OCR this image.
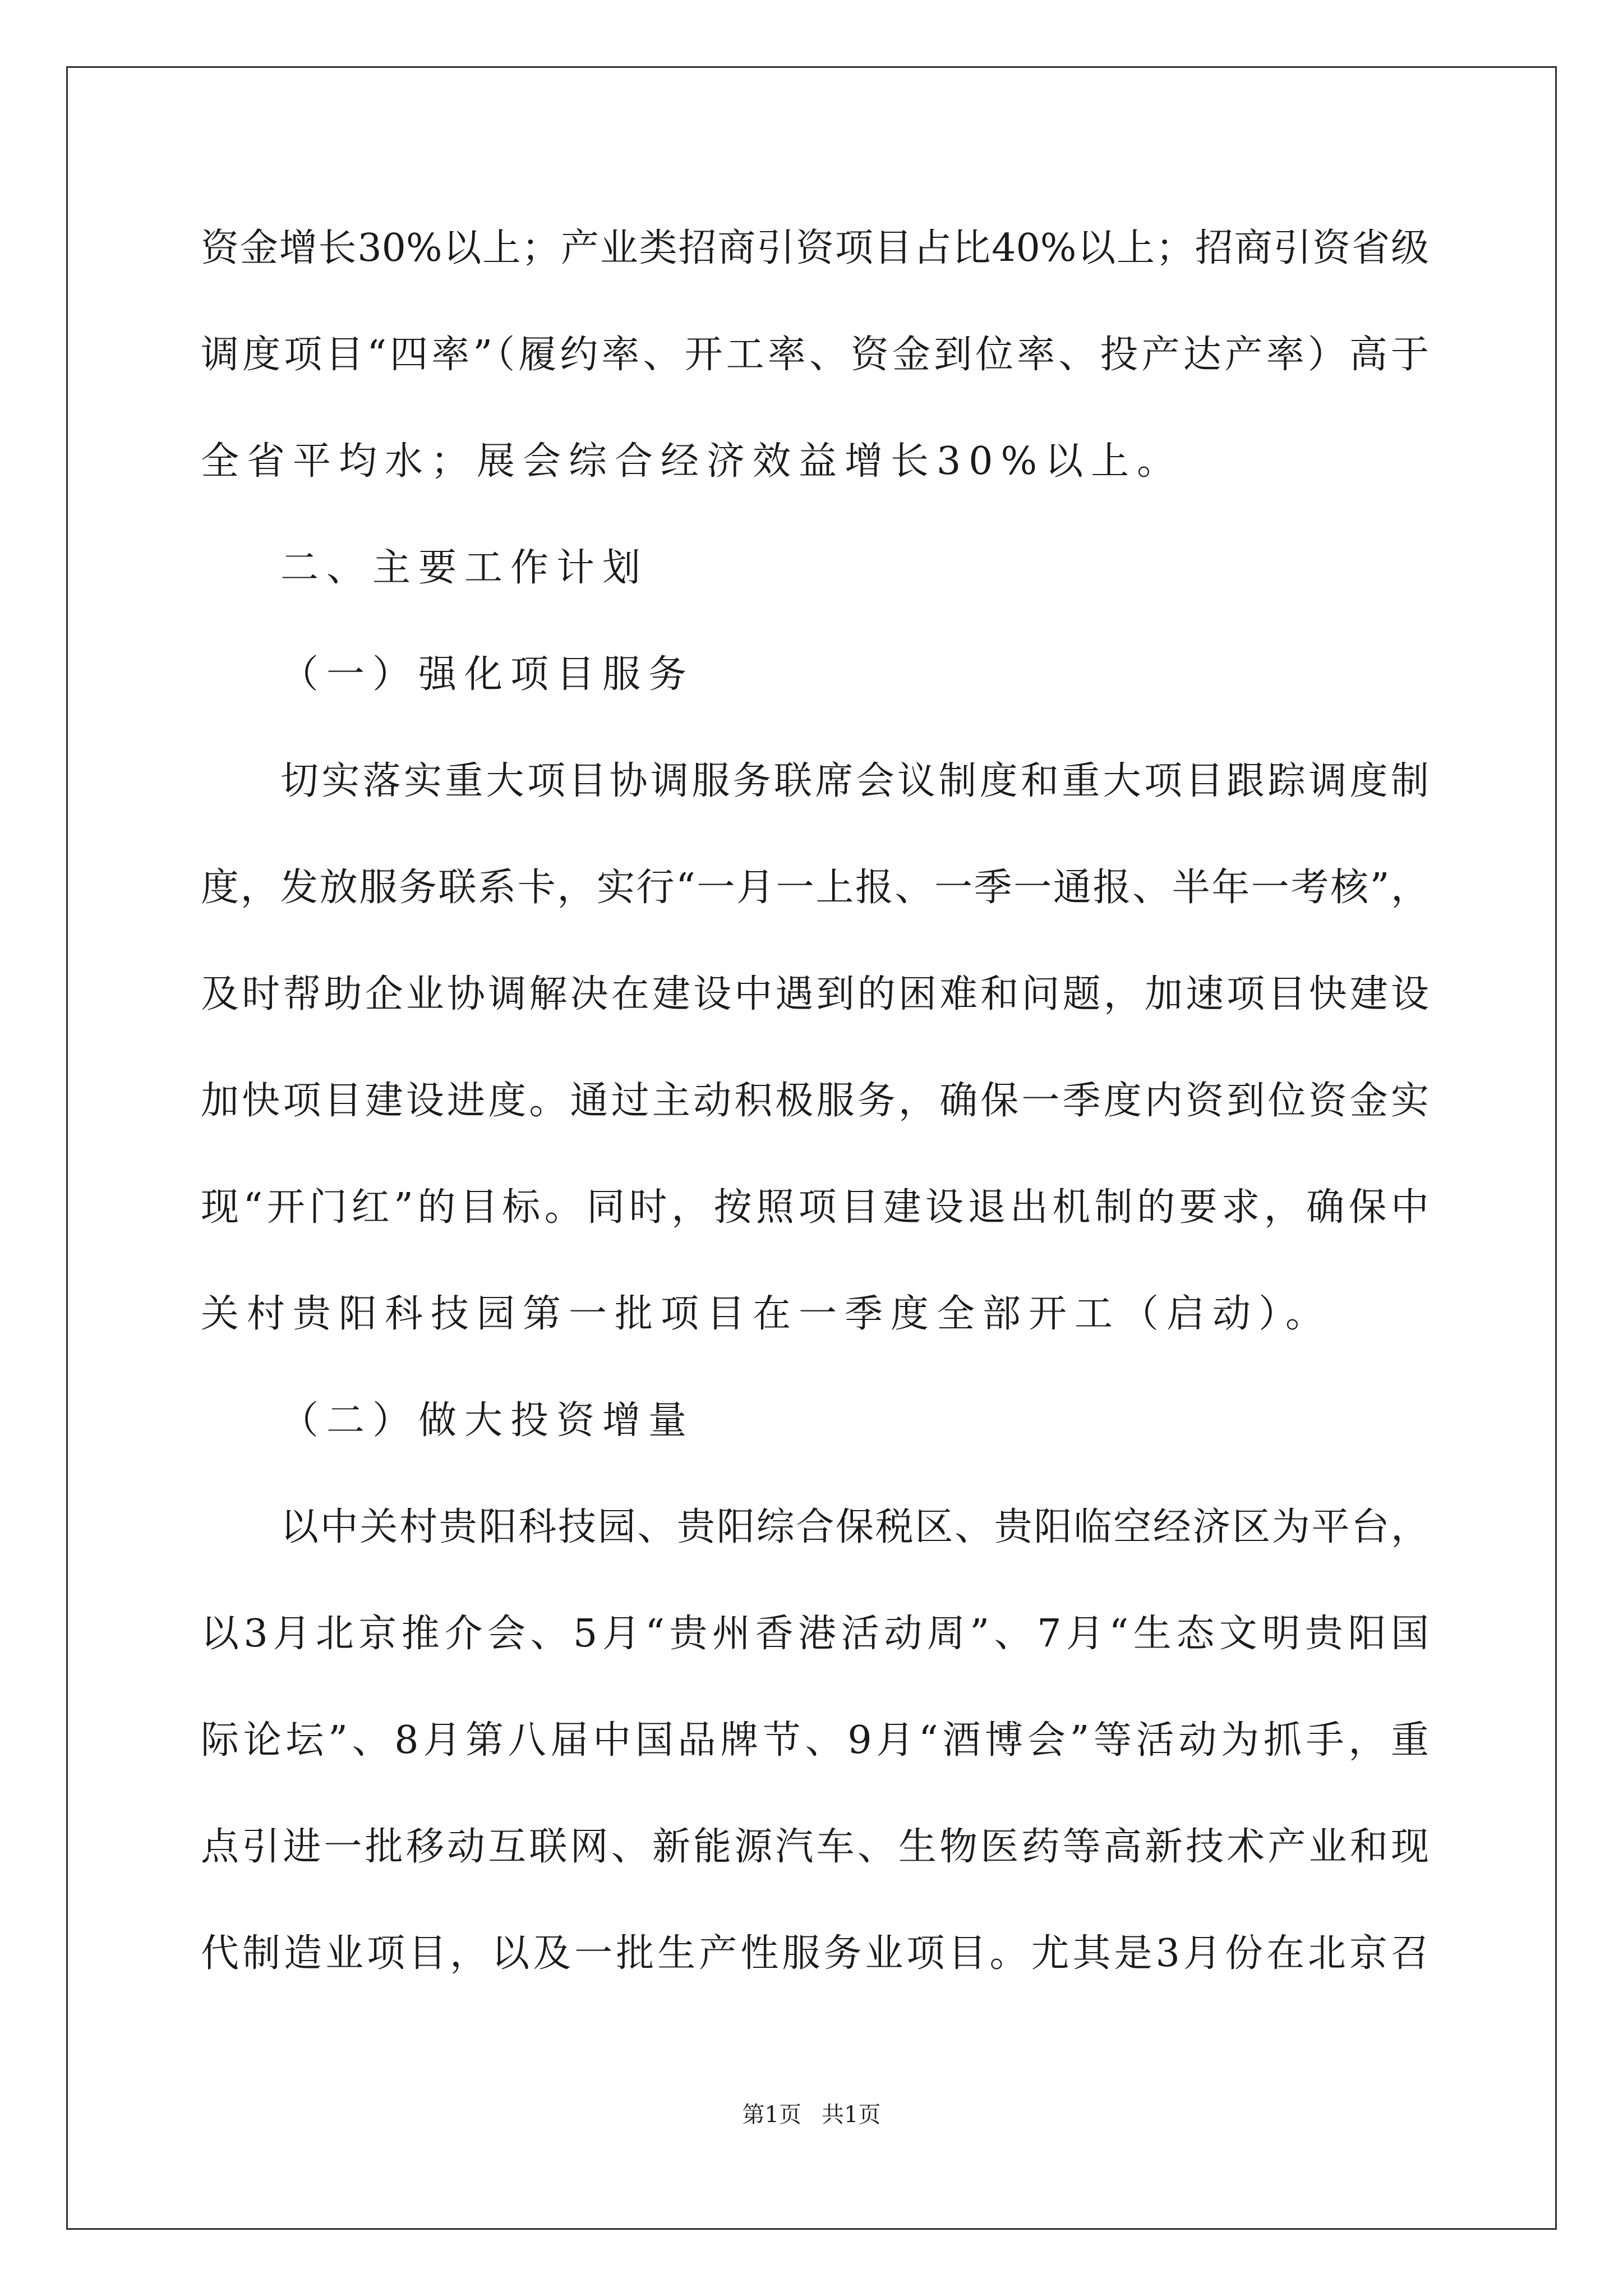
资金增长30%以上；产业类招商引资项目占比40%以上；招商引资省级
调度项目“四率”（履约率、开工率、资金到位率、投产达产率）高于
全省平均水；展会综合经济效益增长30%以上。
二、主要工作计划
（一）强化项目服务
切实落实重大项目协调服务联席会议制度和重大项目跟踪调度制
度，发放服务联系卡，实行“一月一上报、一季一通报、半年一考核”，
及时帮助企业协调解决在建设中遇到的困难和问题，加速项目快建设
加快项目建设进度。通过主动积极服务，确保一季度内资到位资金实
现“开门红”的目标。同时，按照项目建设退出机制的要求，确保中
关村贵阳科技园第一批项目在一季度全部开工（启动）。
（二）做大投资增量
以中关村贵阳科技园、贵阳综合保税区、贵阳临空经济区为平台，
以3月北京推介会、5月“贵州香港活动周”、7月“生态文明贵阳国
际论坛”、8月第八届中国品牌节、9月“酒博会”等活动为抓手，重
点引进一批移动互联网、新能源汽车、生物医药等高新技术产业和现
代制造业项目，以及一批生产性服务业项目。尤其是3月份在北京召
第1页 共1页
